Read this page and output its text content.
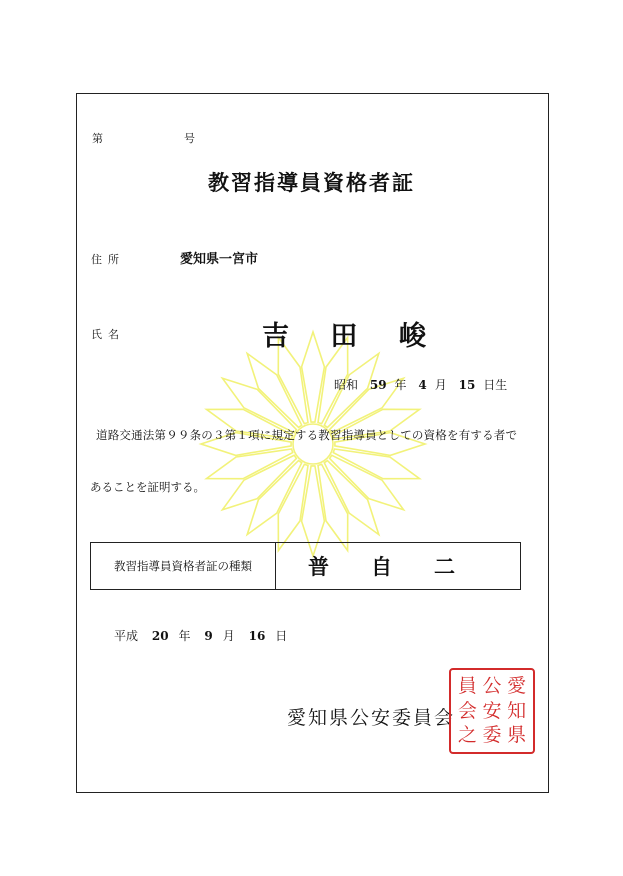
第	号
教習指導員資格者証
住所	愛知県一宮市
氏名	吉 田 峻
昭和 59 年 4 月 15 日生
道路交通法第９９条の３第１項に規定する教習指導員としての資格を有する者で
あることを証明する。
教習指導員資格者証の種類	普自二
平成 20 年 9 月 16 日
愛知県公安委員会
員 公 愛
会 安 知
之 委 県
